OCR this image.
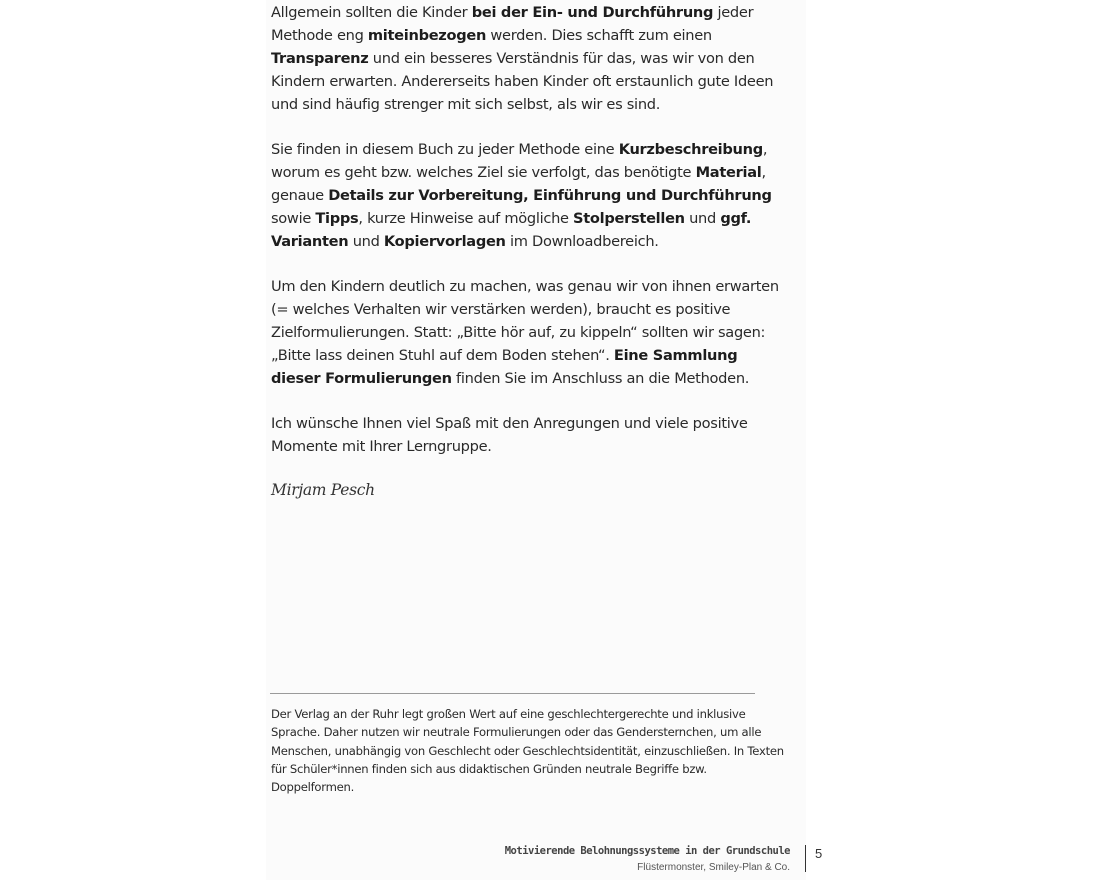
Allgemein sollten die Kinder bei der Ein- und Durchführung jeder Methode eng miteinbezogen werden. Dies schafft zum einen Transparenz und ein besseres Verständnis für das, was wir von den Kindern erwarten. Andererseits haben Kinder oft erstaunlich gute Ideen und sind häufig strenger mit sich selbst, als wir es sind.

Sie finden in diesem Buch zu jeder Methode eine Kurzbeschreibung, worum es geht bzw. welches Ziel sie verfolgt, das benötigte Material, genaue Details zur Vorbereitung, Einführung und Durchführung sowie Tipps, kurze Hinweise auf mögliche Stolperstellen und ggf. Varianten und Kopiervorlagen im Downloadbereich.

Um den Kindern deutlich zu machen, was genau wir von ihnen erwarten (= welches Verhalten wir verstärken werden), braucht es positive Zielformulierungen. Statt: „Bitte hör auf, zu kippeln“ sollten wir sagen: „Bitte lass deinen Stuhl auf dem Boden stehen“. Eine Sammlung dieser Formulierungen finden Sie im Anschluss an die Methoden.

Ich wünsche Ihnen viel Spaß mit den Anregungen und viele positive Momente mit Ihrer Lerngruppe.

Mirjam Pesch

Der Verlag an der Ruhr legt großen Wert auf eine geschlechtergerechte und inklusive Sprache. Daher nutzen wir neutrale Formulierungen oder das Gendersternchen, um alle Menschen, unabhängig von Geschlecht oder Geschlechtsidentität, einzuschließen. In Texten für Schüler*innen finden sich aus didaktischen Gründen neutrale Begriffe bzw. Doppelformen.

Motivierende Belohnungssysteme in der Grundschule
Flüstermonster, Smiley-Plan & Co.
5
